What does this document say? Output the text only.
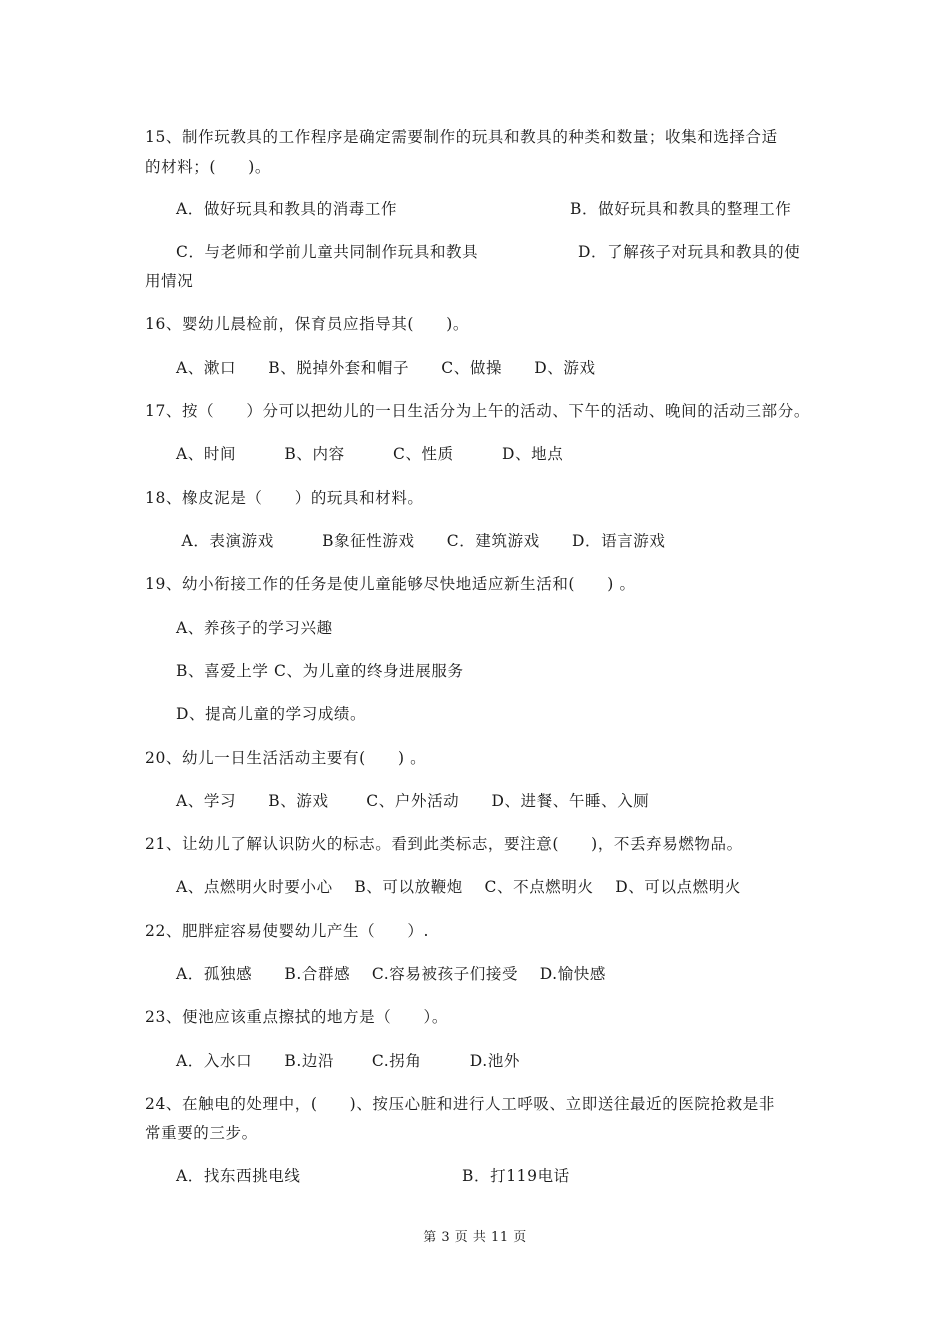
15、制作玩教具的工作程序是确定需要制作的玩具和教具的种类和数量；收集和选择合适
的材料；(　　)。
A．做好玩具和教具的消毒工作	B．做好玩具和教具的整理工作
C．与老师和学前儿童共同制作玩具和教具	D．了解孩子对玩具和教具的使
用情况
16、婴幼儿晨检前，保育员应指导其(　　)。
A、漱口　　B、脱掉外套和帽子　　C、做操　　D、游戏
17、按（　　）分可以把幼儿的一日生活分为上午的活动、下午的活动、晚间的活动三部分。
A、时间　　　B、内容　　　C、性质　　　D、地点
18、橡皮泥是（　　）的玩具和材料。
A．表演游戏　　　B象征性游戏　　C．建筑游戏　　D．语言游戏
19、幼小衔接工作的任务是使儿童能够尽快地适应新生活和(　　) 。
A、养孩子的学习兴趣
B、喜爱上学 C、为儿童的终身进展服务
D、提高儿童的学习成绩。
20、幼儿一日生活活动主要有(　　) 。
A、学习　　B、游戏　　 C、户外活动　　D、进餐、午睡、入厕
21、让幼儿了解认识防火的标志。看到此类标志，要注意(　　)，不丢弃易燃物品。
A、点燃明火时要小心　 B、可以放鞭炮　 C、不点燃明火　 D、可以点燃明火
22、肥胖症容易使婴幼儿产生（　　）.
A．孤独感　　B.合群感　 C.容易被孩子们接受　 D.愉快感
23、便池应该重点擦拭的地方是（　　）。
A．入水口　　B.边沿　　 C.拐角　　　D.池外
24、在触电的处理中，(　　)、按压心脏和进行人工呼吸、立即送往最近的医院抢救是非
常重要的三步。
A．找东西挑电线	B．打119电话
第 3 页 共 11 页
